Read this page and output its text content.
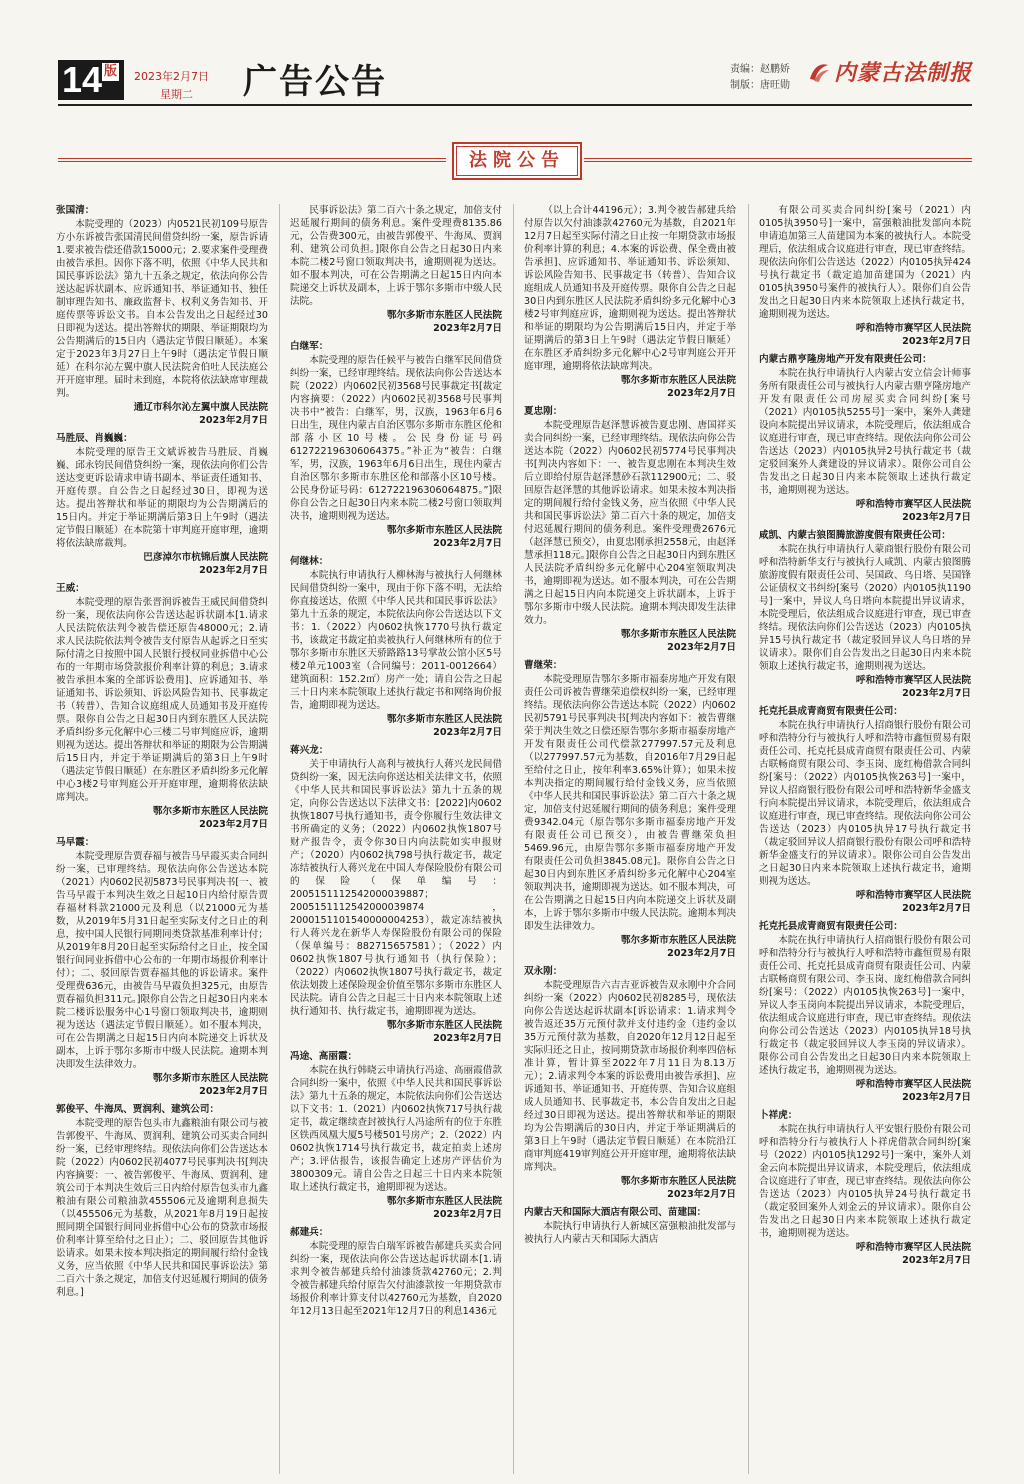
14 版 2023年2月7日
星期二 广告公告	责编：赵鹏娇
制版：唐旺勋 内蒙古法制报
法院公告

张国清：

本院受理的（2023）内0521民初109号原告方小东诉被告张国清民间借贷纠纷一案，原告诉请1.要求被告偿还借款15000元；2.要求案件受理费由被告承担。因你下落不明，依照《中华人民共和国民事诉讼法》第九十五条之规定，依法向你公告送达起诉状副本、应诉通知书、举证通知书、独任制审理告知书、廉政监督卡、权利义务告知书、开庭传票等诉讼文书。自本公告发出之日起经过30日即视为送达。提出答辩状的期限、举证期限均为公告期满后的15日内（遇法定节假日顺延）。本案定于2023年3月27日上午9时（遇法定节假日顺延）在科尔沁左翼中旗人民法院舍伯吐人民法庭公开开庭审理。届时未到庭，本院将依法缺席审理裁判。

通辽市科尔沁左翼中旗人民法院

2023年2月7日

马胜辰、肖巍巍：

本院受理的原告王文斌诉被告马胜辰、肖巍巍、邱永钧民间借贷纠纷一案，现依法向你们公告送达变更诉讼请求申请书副本、举证责任通知书、开庭传票。自公告之日起经过30日，即视为送达。提出答辩状和举证的期限均为公告期满后的15日内。并定于举证期满后第3日上午9时（遇法定节假日顺延）在本院第十审判庭开庭审理，逾期将依法缺席裁判。

巴彦淖尔市杭锦后旗人民法院

2023年2月7日

王威：

本院受理的原告张晋润诉被告王威民间借贷纠纷一案，现依法向你公告送达起诉状副本[1.请求人民法院依法判令被告偿还原告48000元；2.请求人民法院依法判令被告支付原告从起诉之日至实际付清之日按照中国人民银行授权同业拆借中心公布的一年期市场贷款报价利率计算的利息；3.请求被告承担本案的全部诉讼费用]、应诉通知书、举证通知书、诉讼须知、诉讼风险告知书、民事裁定书（转普）、告知合议庭组成人员通知书及开庭传票。限你自公告之日起30日内到东胜区人民法院矛盾纠纷多元化解中心三楼二号审判庭应诉，逾期则视为送达。提出答辩状和举证的期限为公告期满后15日内，并定于举证期满后的第3日上午9时（遇法定节假日顺延）在东胜区矛盾纠纷多元化解中心3楼2号审判庭公开开庭审理，逾期将依法缺席判决。

鄂尔多斯市东胜区人民法院

2023年2月7日

马早霞：

本院受理原告贾春福与被告马早霞买卖合同纠纷一案，已审理终结。现依法向你公告送达本院（2021）内0602民初5873号民事判决书[一、被告马早霞于本判决生效之日起10日内给付原告贾春福材料款21000元及利息（以21000元为基数，从2019年5月31日起至实际支付之日止的利息，按中国人民银行同期同类贷款基准利率计付；从2019年8月20日起至实际给付之日止，按全国银行间同业拆借中心公布的一年期市场报价利率计付）；二、驳回原告贾春福其他的诉讼请求。案件受理费636元，由被告马早霞负担325元，由原告贾春福负担311元。]限你自公告之日起30日内来本院二楼诉讼服务中心1号窗口领取判决书，逾期则视为送达（遇法定节假日顺延）。如不服本判决，可在公告期满之日起15日内向本院递交上诉状及副本，上诉于鄂尔多斯市中级人民法院。逾期本判决即发生法律效力。

鄂尔多斯市东胜区人民法院

2023年2月7日

郭俊平、牛海凤、贾润利、建筑公司：

本院受理的原告包头市九鑫粮油有限公司与被告郭俊平、牛海凤、贾润利、建筑公司买卖合同纠纷一案，已经审理终结。现依法向你们公告送达本院（2022）内0602民初4077号民事判决书[判决内容摘要：一、被告郭俊平、牛海凤、贾润利、建筑公司于本判决生效后三日内给付原告包头市九鑫粮油有限公司粮油款455506元及逾期利息损失（以455506元为基数，从2021年8月19日起按照同期全国银行间同业拆借中心公布的贷款市场报价利率计算至给付之日止）；二、驳回原告其他诉讼请求。如果未按本判决指定的期间履行给付金钱义务，应当依照《中华人民共和国民事诉讼法》第二百六十条之规定，加倍支付迟延履行期间的债务利息。]

民事诉讼法》第二百六十条之规定，加倍支付迟延履行期间的债务利息。案件受理费8135.86元，公告费300元，由被告郭俊平、牛海凤、贾润利、建筑公司负担。]限你自公告之日起30日内来本院二楼2号窗口领取判决书，逾期则视为送达。如不服本判决，可在公告期满之日起15日内向本院递交上诉状及副本，上诉于鄂尔多斯市中级人民法院。

鄂尔多斯市东胜区人民法院

2023年2月7日

白继军：

本院受理的原告任候平与被告白继军民间借贷纠纷一案，已经审理终结。现依法向你公告送达本院（2022）内0602民初3568号民事裁定书[裁定内容摘要：（2022）内0602民初3568号民事判决书中“被告：白继军，男，汉族，1963年6月6日出生，现住内蒙古自治区鄂尔多斯市东胜区伦和部落小区10号楼。公民身份证号码612722196306064375。”补正为“被告：白继军，男，汉族，1963年6月6日出生，现住内蒙古自治区鄂尔多斯市东胜区伦和部落小区10号楼。公民身份证号码：612722196306064875。”]限你自公告之日起30日内来本院二楼2号窗口领取判决书，逾期则视为送达。

鄂尔多斯市东胜区人民法院

2023年2月7日

何继林：

本院执行申请执行人柳林海与被执行人何继林民间借贷纠纷一案中，现由于你下落不明，无法给你直接送达，依照《中华人民共和国民事诉讼法》第九十五条的规定，本院依法向你公告送达以下文书：1.（2022）内0602执恢1770号执行裁定书，该裁定书裁定拍卖被执行人何继林所有的位于鄂尔多斯市东胜区天骄路路13号掌故公馆小区5号楼2单元1003室（合同编号：2011-0012664）建筑面积：152.2㎡）房产一处；请自公告之日起三十日内来本院领取上述执行裁定书和网络询价报告，逾期即视为送达。

鄂尔多斯市东胜区人民法院

2023年2月7日

蒋兴龙：

关于申请执行人高利与被执行人蒋兴龙民间借贷纠纷一案，因无法向你送达相关法律文书，依照《中华人民共和国民事诉讼法》第九十五条的规定，向你公告送达以下法律文书：[2022]内0602执恢1807号执行通知书，责令你履行生效法律文书所确定的义务；（2022）内0602执恢1807号财产报告令，责令你30日内向法院如实申报财产；（2020）内0602执798号执行裁定书，裁定冻结被执行人蒋兴龙在中国人寿保险股份有限公司的保险（保单编号：2005151112542000039887；2005151112542000039874，2000151101540000004253），裁定冻结被执行人蒋兴龙在新华人寿保险股份有限公司的保险（保单编号：882715657581）；（2022）内0602执恢1807号执行通知书（执行保险）；（2022）内0602执恢1807号执行裁定书，裁定依法划拨上述保险现金价值至鄂尔多斯市东胜区人民法院。请自公告之日起三十日内来本院领取上述执行通知书、执行裁定书，逾期即视为送达。

鄂尔多斯市东胜区人民法院

2023年2月7日

冯途、高丽霞：

本院在执行韩晓云申请执行冯途、高丽霞借款合同纠纷一案中，依照《中华人民共和国民事诉讼法》第九十五条的规定，本院依法向你们公告送达以下文书：1.（2021）内0602执恢717号执行裁定书，裁定继续查封被执行人冯途所有的位于东胜区铁西凤凰大厦5号楼501号房产；2.（2022）内0602执恢1714号执行裁定书，裁定拍卖上述房产；3.评估报告，该报告确定上述房产评估价为3800309元。请自公告之日起三十日内来本院领取上述执行裁定书，逾期即视为送达。

鄂尔多斯市东胜区人民法院

2023年2月7日

郝建兵：

本院受理的原告白瑞军诉被告郝建兵买卖合同纠纷一案，现依法向你公告送达起诉状副本[1.请求判令被告郝建兵给付油漆货款42760元；2.判令被告郝建兵给付原告欠付油漆款按一年期贷款市场报价利率计算支付以42760元为基数，自2020年12月13日起至2021年12月7日的利息1436元

（以上合计44196元）；3.判令被告郝建兵给付原告以欠付油漆款42760元为基数，自2021年12月7日起至实际付清之日止按一年期贷款市场报价利率计算的利息；4.本案的诉讼费、保全费由被告承担]、应诉通知书、举证通知书、诉讼须知、诉讼风险告知书、民事裁定书（转普）、告知合议庭组成人员通知书及开庭传票。限你自公告之日起30日内到东胜区人民法院矛盾纠纷多元化解中心3楼2号审判庭应诉，逾期则视为送达。提出答辩状和举证的期限均为公告期满后15日内，并定于举证期满后的第3日上午9时（遇法定节假日顺延）在东胜区矛盾纠纷多元化解中心2号审判庭公开开庭审理，逾期将依法缺席判决。

鄂尔多斯市东胜区人民法院

2023年2月7日

夏忠刚：

本院受理原告赵泽慧诉被告夏忠刚、唐国祥买卖合同纠纷一案，已经审理终结。现依法向你公告送达本院（2022）内0602民初5774号民事判决书[判决内容如下：一、被告夏忠刚在本判决生效后立即给付原告赵泽慧砂石款112900元；二、驳回原告赵泽慧的其他诉讼请求。如果未按本判决指定的期间履行给付金钱义务，应当依照《中华人民共和国民事诉讼法》第二百六十条的规定，加倍支付迟延履行期间的债务利息。案件受理费2676元（赵泽慧已预交），由夏忠刚承担2558元，由赵泽慧承担118元。]限你自公告之日起30日内到东胜区人民法院矛盾纠纷多元化解中心204室领取判决书，逾期即视为送达。如不服本判决，可在公告期满之日起15日内向本院递交上诉状副本，上诉于鄂尔多斯市中级人民法院。逾期本判决即发生法律效力。

鄂尔多斯市东胜区人民法院

2023年2月7日

曹继荣：

本院受理原告鄂尔多斯市福泰房地产开发有限责任公司诉被告曹继荣追偿权纠纷一案，已经审理终结。现依法向你公告送达本院（2022）内0602民初5791号民事判决书[判决内容如下：被告曹继荣于判决生效之日偿还原告鄂尔多斯市福泰房地产开发有限责任公司代偿款277997.57元及利息（以277997.57元为基数，自2016年7月29日起至给付之日止，按年利率3.65%计算）；如果未按本判决指定的期间履行给付金钱义务，应当依照《中华人民共和国民事诉讼法》第二百六十条之规定，加倍支付迟延履行期间的债务利息；案件受理费9342.04元（原告鄂尔多斯市福泰房地产开发有限责任公司已预交），由被告曹继荣负担5469.96元，由原告鄂尔多斯市福泰房地产开发有限责任公司负担3845.08元]。限你自公告之日起30日内到东胜区矛盾纠纷多元化解中心204室领取判决书，逾期即视为送达。如不服本判决，可在公告期满之日起15日内向本院递交上诉状及副本，上诉于鄂尔多斯市中级人民法院。逾期本判决即发生法律效力。

鄂尔多斯市东胜区人民法院

2023年2月7日

双永刚：

本院受理原告六吉吉亚诉被告双永刚中介合同纠纷一案（2022）内0602民初8285号，现依法向你公告送达起诉状副本[诉讼请求：1.请求判令被告返还35万元预付款并支付违约金（违约金以35万元预付款为基数，自2020年12月12日起至实际归还之日止，按同期贷款市场报价利率四倍标准计算，暂计算至2022年7月11日为8.13万元）；2.请求判令本案的诉讼费用由被告承担]、应诉通知书、举证通知书、开庭传票、告知合议庭组成人员通知书、民事裁定书，本公告自发出之日起经过30日即视为送达。提出答辩状和举证的期限均为公告期满后的30日内，并定于举证期满后的第3日上午9时（遇法定节假日顺延）在本院沿江商审判庭419审判庭公开开庭审理，逾期将依法缺席判决。

鄂尔多斯市东胜区人民法院

2023年2月7日

内蒙古天和国际大酒店有限公司、苗建国：

本院执行申请执行人新城区富强粮油批发部与被执行人内蒙古天和国际大酒店

有限公司买卖合同纠纷[案号（2021）内0105执3950号]一案中，富强粮油批发部向本院申请追加第三人苗建国为本案的被执行人。本院受理后，依法组成合议庭进行审查，现已审查终结。现依法向你们公告送达（2022）内0105执异424号执行裁定书（裁定追加苗建国为（2021）内0105执3950号案件的被执行人）。限你们自公告发出之日起30日内来本院领取上述执行裁定书，逾期则视为送达。

呼和浩特市赛罕区人民法院

2023年2月7日

内蒙古鼎亨隆房地产开发有限责任公司：

本院在执行申请执行人内蒙古安立信会计师事务所有限责任公司与被执行人内蒙古鼎亨隆房地产开发有限责任公司房屋买卖合同纠纷[案号（2021）内0105执5255号]一案中，案外人龚建设向本院提出异议请求，本院受理后，依法组成合议庭进行审查，现已审查终结。现依法向你公司公告送达（2023）内0105执异2号执行裁定书（裁定驳回案外人龚建设的异议请求）。限你公司自公告发出之日起30日内来本院领取上述执行裁定书，逾期则视为送达。

呼和浩特市赛罕区人民法院

2023年2月7日

咸凯、内蒙古狼图腾旅游度假有限责任公司：

本院在执行申请执行人蒙商银行股份有限公司呼和浩特新华支行与被执行人咸凯、内蒙古狼图腾旅游度假有限责任公司、吴国政、乌日塔、吴国锋公证债权文书纠纷[案号（2020）内0105执1190号]一案中，异议人乌日塔向本院提出异议请求，本院受理后，依法组成合议庭进行审查，现已审查终结。现依法向你们公告送达（2023）内0105执异15号执行裁定书（裁定驳回异议人乌日塔的异议请求）。限你们自公告发出之日起30日内来本院领取上述执行裁定书，逾期则视为送达。

呼和浩特市赛罕区人民法院

2023年2月7日

托克托县成青商贸有限责任公司：

本院在执行申请执行人招商银行股份有限公司呼和浩特分行与被执行人呼和浩特市鑫恒贸易有限责任公司、托克托县成青商贸有限责任公司、内蒙古联畅商贸有限公司、李玉岗、庞红梅借款合同纠纷[案号：（2022）内0105执恢263号]一案中，异议人招商银行股份有限公司呼和浩特新华金盛支行向本院提出异议请求，本院受理后，依法组成合议庭进行审查，现已审查终结。现依法向你公司公告送达（2023）内0105执异17号执行裁定书（裁定驳回异议人招商银行股份有限公司呼和浩特新华金盛支行的异议请求）。限你公司自公告发出之日起30日内来本院领取上述执行裁定书，逾期则视为送达。

呼和浩特市赛罕区人民法院

2023年2月7日

托克托县成青商贸有限责任公司：

本院在执行申请执行人招商银行股份有限公司呼和浩特分行与被执行人呼和浩特市鑫恒贸易有限责任公司、托克托县成青商贸有限责任公司、内蒙古联畅商贸有限公司、李玉岗、庞红梅借款合同纠纷[案号：（2022）内0105执恢263号]一案中，异议人李玉岗向本院提出异议请求，本院受理后，依法组成合议庭进行审查，现已审查终结。现依法向你公司公告送达（2023）内0105执异18号执行裁定书（裁定驳回异议人李玉岗的异议请求）。限你公司自公告发出之日起30日内来本院领取上述执行裁定书，逾期则视为送达。

呼和浩特市赛罕区人民法院

2023年2月7日

卜祥虎：

本院在执行申请执行人平安银行股份有限公司呼和浩特分行与被执行人卜祥虎借款合同纠纷[案号（2022）内0105执1292号]一案中，案外人刘金云向本院提出异议请求，本院受理后，依法组成合议庭进行了审查，现已审查终结。现依法向你公告送达（2023）内0105执异24号执行裁定书（裁定驳回案外人刘金云的异议请求）。限你自公告发出之日起30日内来本院领取上述执行裁定书，逾期则视为送达。

呼和浩特市赛罕区人民法院

2023年2月7日
